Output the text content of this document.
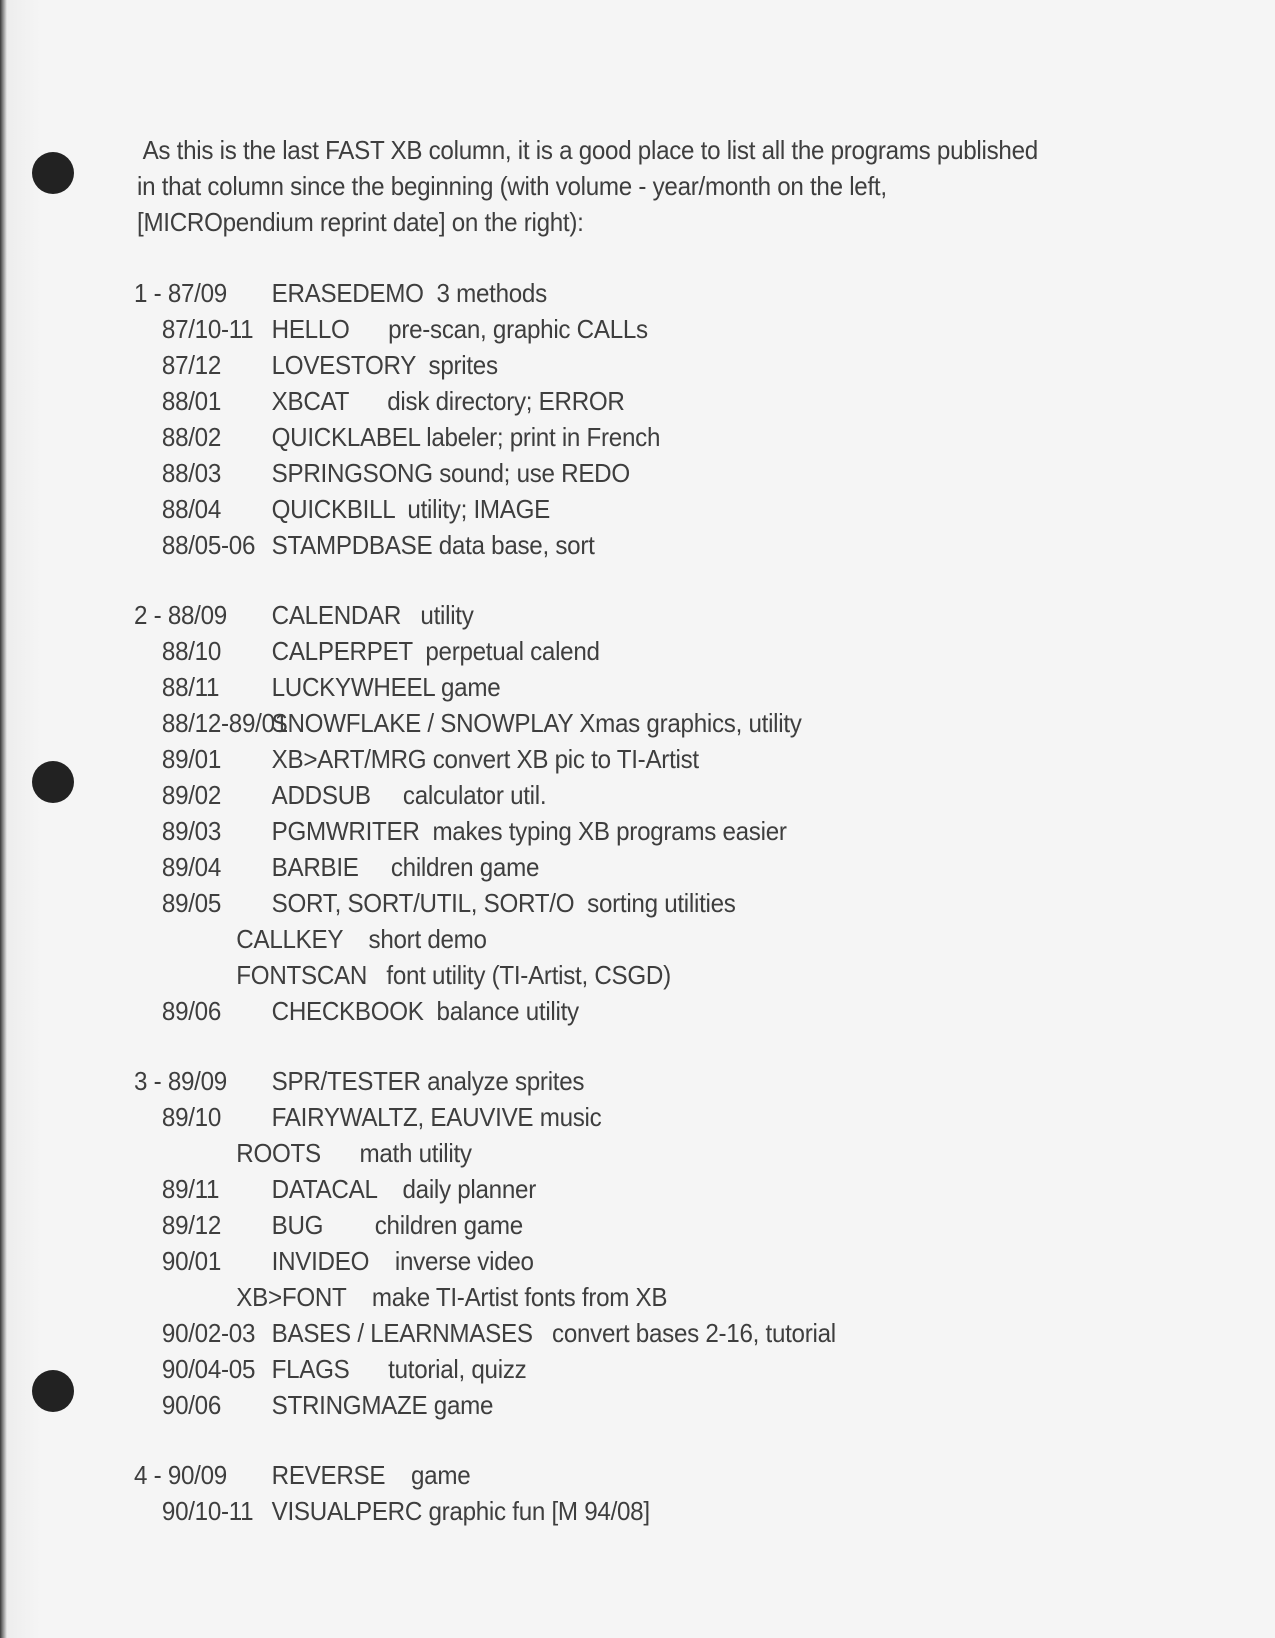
As this is the last FAST XB column, it is a good place to list all the programs published
in that column since the beginning (with volume - year/month on the left,
[MICROpendium reprint date] on the right):
1 - 87/09 ERASEDEMO  3 methods
87/10-11 HELLO      pre-scan, graphic CALLs
87/12 LOVESTORY  sprites
88/01 XBCAT      disk directory; ERROR
88/02 QUICKLABEL labeler; print in French
88/03 SPRINGSONG sound; use REDO
88/04 QUICKBILL  utility; IMAGE
88/05-06 STAMPDBASE data base, sort
2 - 88/09 CALENDAR   utility
88/10 CALPERPET  perpetual calend
88/11 LUCKYWHEEL game
88/12-89/01
SNOWFLAKE / SNOWPLAY Xmas graphics, utility
89/01 XB>ART/MRG convert XB pic to TI-Artist
89/02 ADDSUB     calculator util.
89/03 PGMWRITER  makes typing XB programs easier
89/04 BARBIE     children game
89/05 SORT, SORT/UTIL, SORT/O  sorting utilities
CALLKEY    short demo
FONTSCAN   font utility (TI-Artist, CSGD)
89/06 CHECKBOOK  balance utility
3 - 89/09 SPR/TESTER analyze sprites
89/10 FAIRYWALTZ, EAUVIVE music
ROOTS      math utility
89/11 DATACAL    daily planner
89/12 BUG        children game
90/01 INVIDEO    inverse video
XB>FONT    make TI-Artist fonts from XB
90/02-03 BASES / LEARNMASES   convert bases 2-16, tutorial
90/04-05 FLAGS      tutorial, quizz
90/06 STRINGMAZE game
4 - 90/09 REVERSE    game
90/10-11 VISUALPERC graphic fun [M 94/08]
